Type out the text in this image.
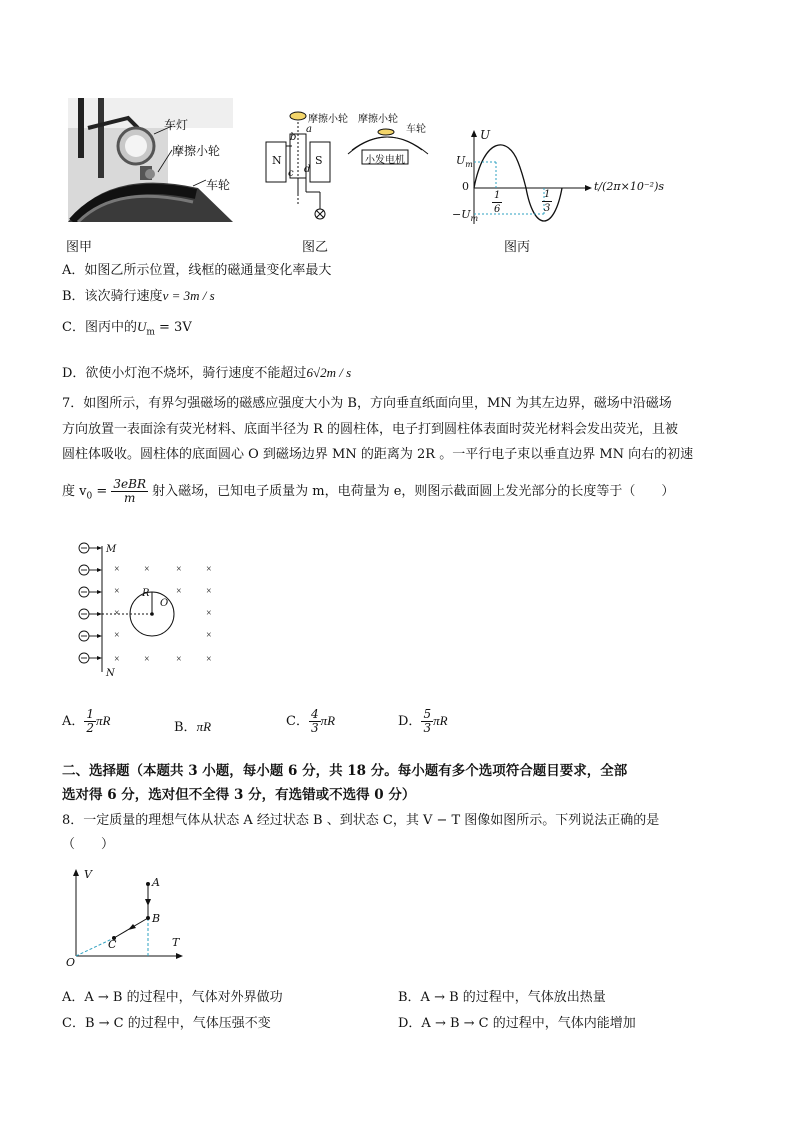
车灯
摩擦小轮
车轮
图甲
N	S
a
b
c d
摩擦小轮 摩擦小轮
车轮
小发电机
图乙
U
$U_m$
0
$-U_m$
t/(2π×10⁻²)s
$\frac{1}{6}$	$\frac{1}{3}$
图丙
A．如图乙所示位置，线框的磁通量变化率最大
B．该次骑行速度v = 3m / s
C．图丙中的$U_m = 3V$
D．欲使小灯泡不烧坏，骑行速度不能超过6√2m / s
7．如图所示，有界匀强磁场的磁感应强度大小为 B，方向垂直纸面向里，MN 为其左边界，磁场中沿磁场
方向放置一表面涂有荧光材料、底面半径为 R 的圆柱体，电子打到圆柱体表面时荧光材料会发出荧光，且被
圆柱体吸收。圆柱体的底面圆心 O 到磁场边界 MN 的距离为 2R 。一平行电子束以垂直边界 MN 向右的初速
度 $v_0 = \frac{\text{3eBR}}{m}$ 射入磁场，已知电子质量为 m，电荷量为 e，则图示截面圆上发光部分的长度等于（　　）
× ×	× ×
×	× ×
×	×
×	×
× ×	× ×
M
N
O
R
A． $\frac{1}{2}$ πR	B．πR	C． $\frac{4}{3}$ πR	D． $\frac{5}{3}$ πR
二、选择题（本题共 3 小题，每小题 6 分，共 18 分。每小题有多个选项符合题目要求，全部
选对得 6 分，选对但不全得 3 分，有选错或不选得 0 分）
8．一定质量的理想气体从状态 A 经过状态 B 、到状态 C，其 V − T 图像如图所示。下列说法正确的是
（　　）
V
T
O
A
B
C
A．A → B 的过程中，气体对外界做功	B．A → B 的过程中，气体放出热量
C．B → C 的过程中，气体压强不变	D．A → B → C 的过程中，气体内能增加
